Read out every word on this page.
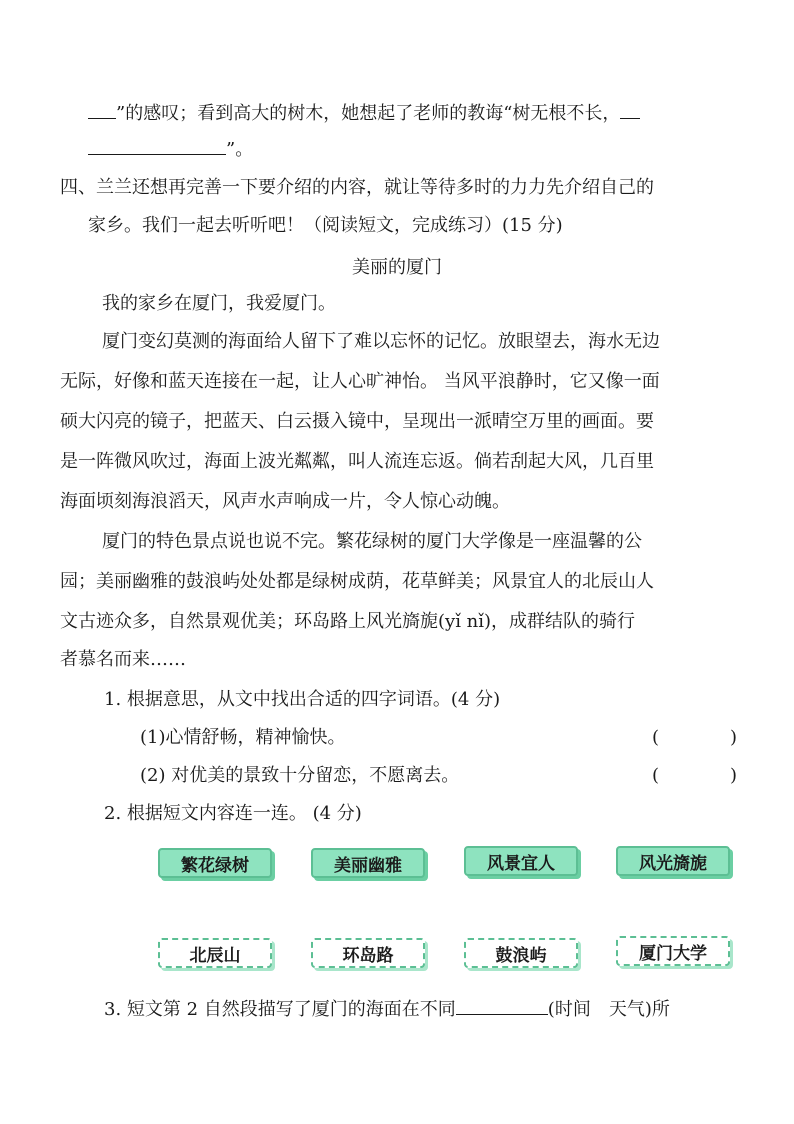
”的感叹；看到高大的树木，她想起了老师的教诲“树无根不长，
”。
四、兰兰还想再完善一下要介绍的内容，就让等待多时的力力先介绍自己的
家乡。我们一起去听听吧！（阅读短文，完成练习）(15 分)
美丽的厦门
我的家乡在厦门，我爱厦门。
厦门变幻莫测的海面给人留下了难以忘怀的记忆。放眼望去，海水无边
无际，好像和蓝天连接在一起，让人心旷神怡。 当风平浪静时，它又像一面
硕大闪亮的镜子，把蓝天、白云摄入镜中，呈现出一派晴空万里的画面。要
是一阵微风吹过，海面上波光粼粼，叫人流连忘返。倘若刮起大风，几百里
海面顷刻海浪滔天，风声水声响成一片，令人惊心动魄。
厦门的特色景点说也说不完。繁花绿树的厦门大学像是一座温馨的公
园；美丽幽雅的鼓浪屿处处都是绿树成荫，花草鲜美；风景宜人的北辰山人
文古迹众多，自然景观优美；环岛路上风光旖旎(yǐ nǐ)，成群结队的骑行
者慕名而来……
1. 根据意思，从文中找出合适的四字词语。(4 分)
(1)心情舒畅，精神愉快。	(	)
(2) 对优美的景致十分留恋，不愿离去。	(	)
2. 根据短文内容连一连。 (4 分)
繁花绿树	美丽幽雅	风景宜人	风光旖旎
北辰山	环岛路	鼓浪屿	厦门大学
3. 短文第 2 自然段描写了厦门的海面在不同	(时间　天气)所
